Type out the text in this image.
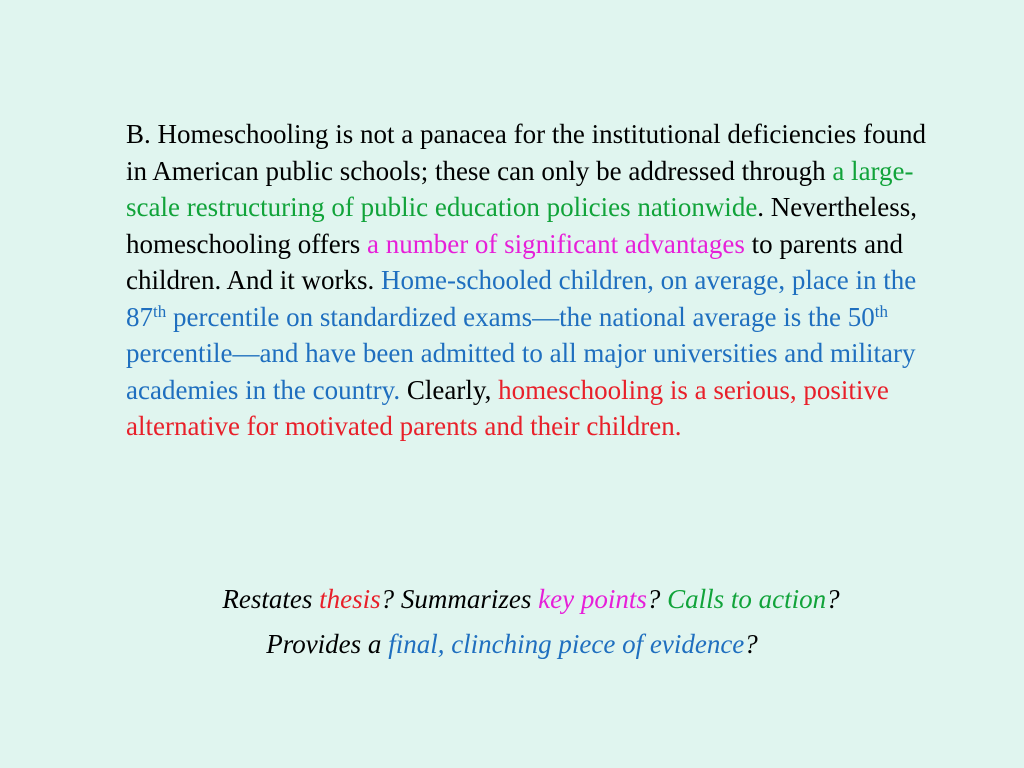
B. Homeschooling is not a panacea for the institutional deficiencies found in American public schools; these can only be addressed through a large-scale restructuring of public education policies nationwide. Nevertheless, homeschooling offers a number of significant advantages to parents and children. And it works. Home-schooled children, on average, place in the 87th percentile on standardized exams—the national average is the 50th percentile—and have been admitted to all major universities and military academies in the country. Clearly, homeschooling is a serious, positive alternative for motivated parents and their children.

Restates thesis? Summarizes key points? Calls to action?
Provides a final, clinching piece of evidence?
